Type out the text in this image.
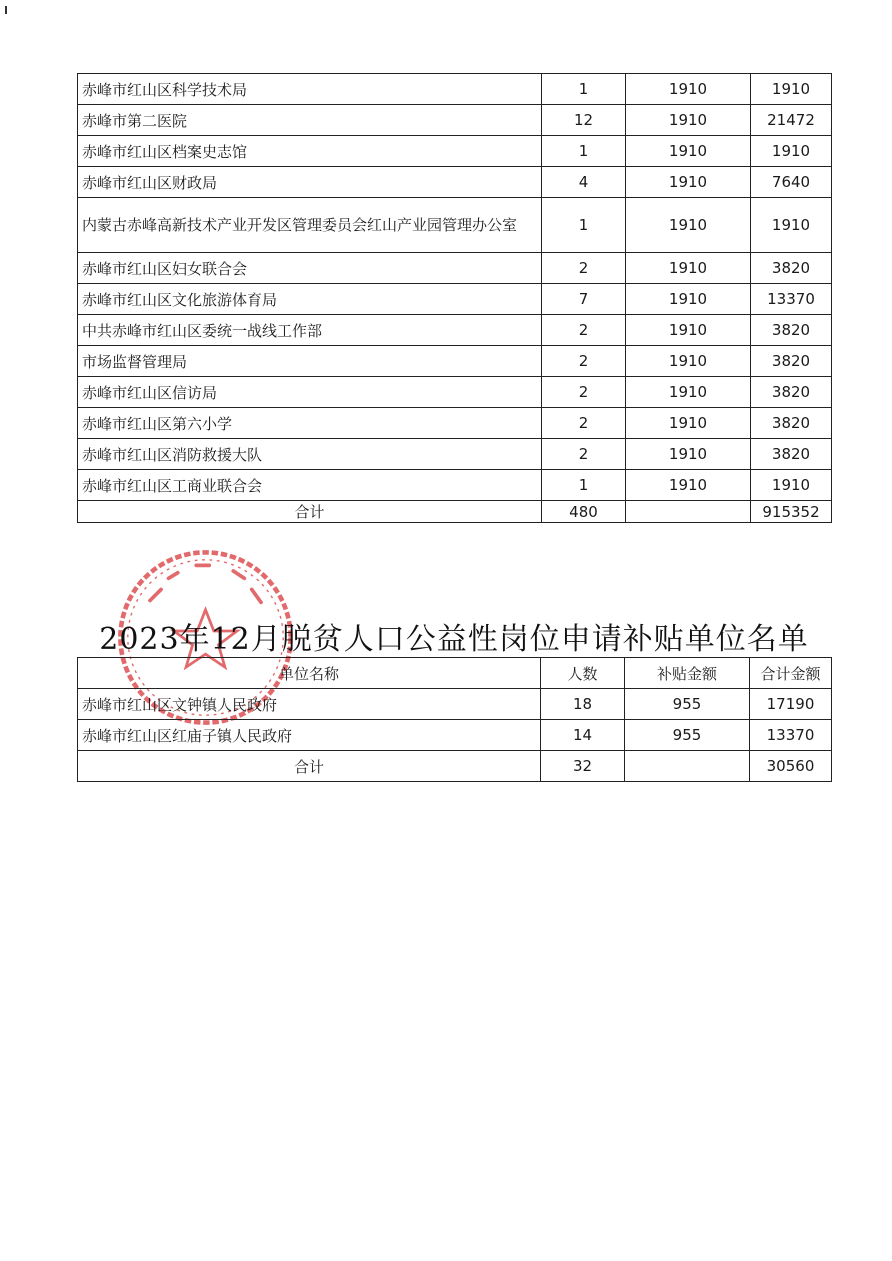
赤峰市红山区科学技术局	1	1910	1910
赤峰市第二医院	12	1910	21472
赤峰市红山区档案史志馆	1	1910	1910
赤峰市红山区财政局	4	1910	7640
内蒙古赤峰高新技术产业开发区管理委员会红山产业园管理办公室	1	1910	1910
赤峰市红山区妇女联合会	2	1910	3820
赤峰市红山区文化旅游体育局	7	1910	13370
中共赤峰市红山区委统一战线工作部	2	1910	3820
市场监督管理局	2	1910	3820
赤峰市红山区信访局	2	1910	3820
赤峰市红山区第六小学	2	1910	3820
赤峰市红山区消防救援大队	2	1910	3820
赤峰市红山区工商业联合会	1	1910	1910
合计	480		915352
2023年12月脱贫人口公益性岗位申请补贴单位名单
单位名称	人数	补贴金额	合计金额
赤峰市红山区文钟镇人民政府	18	955	17190
赤峰市红山区红庙子镇人民政府	14	955	13370
合计	32		30560
